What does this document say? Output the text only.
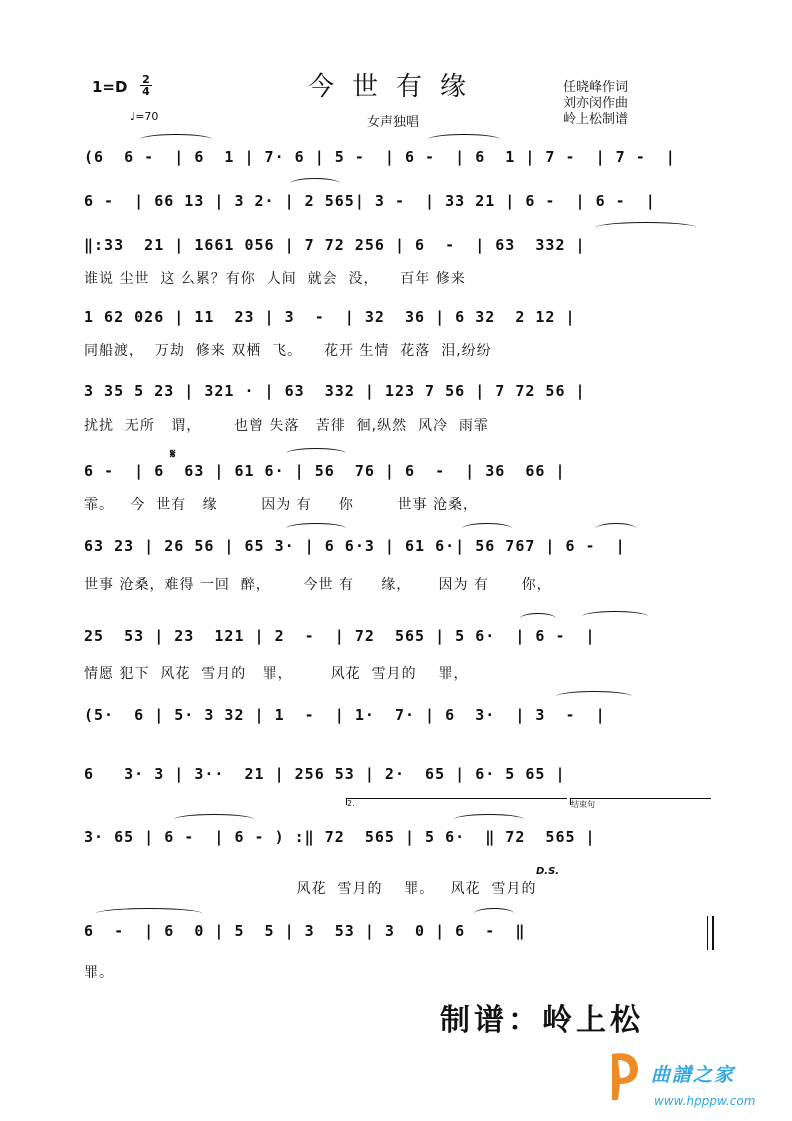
今世有缘
1=D 2
4
♩=70	女声独唱
任晓峰作词
刘亦闵作曲
岭上松制谱
(6  6 -  | 6  1 | 7· 6 | 5 -  | 6 -  | 6  1 | 7 -  | 7 -  |
6 -  | 66 13 | 3 2· | 2 565| 3 -  | 33 21 | 6 -  | 6 -  |
‖:33  21 | 1661 056 | 7 72 256 | 6  -  | 63  332 |
谁说 尘世  这 么累？有你  人间  就会  没，    百年 修来
1 62 026 | 11  23 | 3  -  | 32  36 | 6 32  2 12 |
同船渡，  万劫  修来 双栖  飞。    花开 生情  花落  泪,纷纷
3 35 5 23 | 321 · | 63  332 | 123 7 56 | 7 72 56 |
扰扰  无所   谓，      也曾 失落   苦徘  徊,纵然  风冷  雨霏
𝄋
6 -  | 6  63 | 61 6· | 56  76 | 6  -  | 36  66 |
霏。   今  世有   缘        因为 有     你        世事 沧桑，
63 23 | 26 56 | 65 3· | 6 6·3 | 61 6·| 56 767 | 6 -  |
世事 沧桑，难得 一回  醉，      今世 有     缘，     因为 有      你，
25  53 | 23  121 | 2  -  | 72  565 | 5 6·  | 6 -  |
情愿 犯下  风花  雪月的   罪，       风花  雪月的    罪，
(5·  6 | 5· 3 32 | 1  -  | 1·  7· | 6  3·  | 3  -  |
6   3· 3 | 3··  21 | 256 53 | 2·  65 | 6· 5 65 |
2.	结束句
3· 65 | 6 -  | 6 - ) :‖ 72  565 | 5 6·  ‖ 72  565 |
D.S.
风花  雪月的    罪。   风花  雪月的
6  -  | 6  0 | 5  5 | 3  53 | 3  0 | 6  -  ‖
罪。
制谱：岭上松
曲譜之家
www.hpppw.com
